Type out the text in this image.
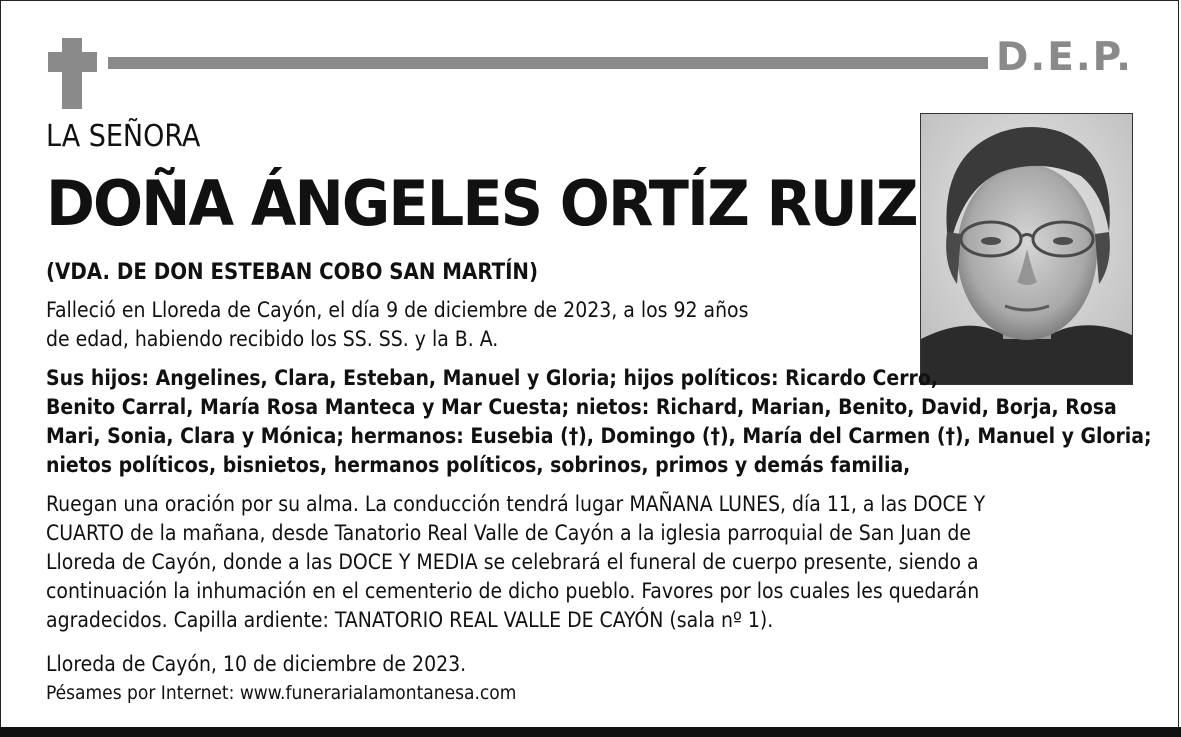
D.E.P.

LA SEÑORA

DOÑA ÁNGELES ORTÍZ RUIZ

(VDA. DE DON ESTEBAN COBO SAN MARTÍN)

Falleció en Lloreda de Cayón, el día 9 de diciembre de 2023, a los 92 años

de edad, habiendo recibido los SS. SS. y la B. A.

Sus hijos: Angelines, Clara, Esteban, Manuel y Gloria; hijos políticos: Ricardo Cerro,

Benito Carral, María Rosa Manteca y Mar Cuesta; nietos: Richard, Marian, Benito, David, Borja, Rosa

Mari, Sonia, Clara y Mónica; hermanos: Eusebia (†), Domingo (†), María del Carmen (†), Manuel y Gloria;

nietos políticos, bisnietos, hermanos políticos, sobrinos, primos y demás familia,

Ruegan una oración por su alma. La conducción tendrá lugar MAÑANA LUNES, día 11, a las DOCE Y

CUARTO de la mañana, desde Tanatorio Real Valle de Cayón a la iglesia parroquial de San Juan de

Lloreda de Cayón, donde a las DOCE Y MEDIA se celebrará el funeral de cuerpo presente, siendo a

continuación la inhumación en el cementerio de dicho pueblo. Favores por los cuales les quedarán

agradecidos. Capilla ardiente: TANATORIO REAL VALLE DE CAYÓN (sala nº 1).

Lloreda de Cayón, 10 de diciembre de 2023.

Pésames por Internet: www.funerarialamontanesa.com
